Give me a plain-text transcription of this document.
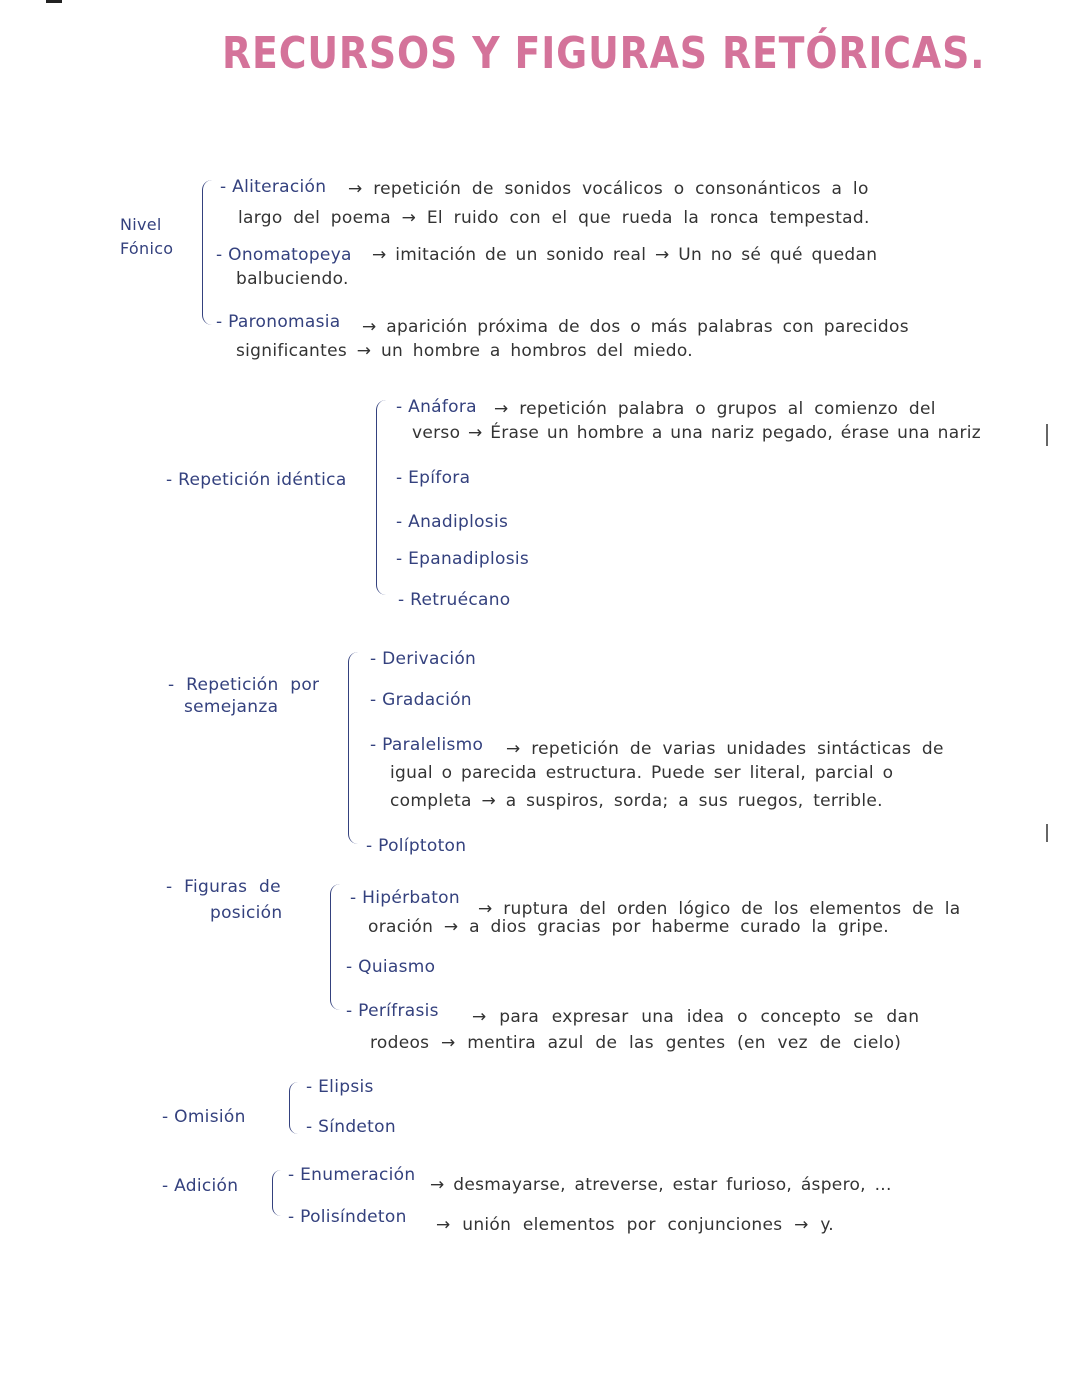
RECURSOS Y FIGURAS RETÓRICAS.
Nivel
Fónico
- Aliteración → repetición de sonidos vocálicos o consonánticos a lo
largo del poema → El ruido con el que rueda la ronca tempestad.
- Onomatopeya → imitación de un sonido real → Un no sé qué quedan
balbuciendo.
- Paronomasia → aparición próxima de dos o más palabras con parecidos
significantes → un hombre a hombros del miedo.
- Repetición idéntica
- Anáfora → repetición palabra o grupos al comienzo del
verso → Érase un hombre a una nariz pegado, érase una nariz
- Epífora
- Anadiplosis
- Epanadiplosis
- Retruécano
- Repetición por
semejanza
- Derivación
- Gradación
- Paralelismo → repetición de varias unidades sintácticas de
igual o parecida estructura. Puede ser literal, parcial o
completa → a suspiros, sorda; a sus ruegos, terrible.
- Políptoton
- Figuras de
posición
- Hipérbaton
→ ruptura del orden lógico de los elementos de la
oración → a dios gracias por haberme curado la gripe.
- Quiasmo
- Perífrasis → para expresar una idea o concepto se dan
rodeos → mentira azul de las gentes (en vez de cielo)
- Omisión
- Elipsis
- Síndeton
- Adición
- Enumeración → desmayarse, atreverse, estar furioso, áspero, ...
- Polisíndeton → unión elementos por conjunciones → y.
